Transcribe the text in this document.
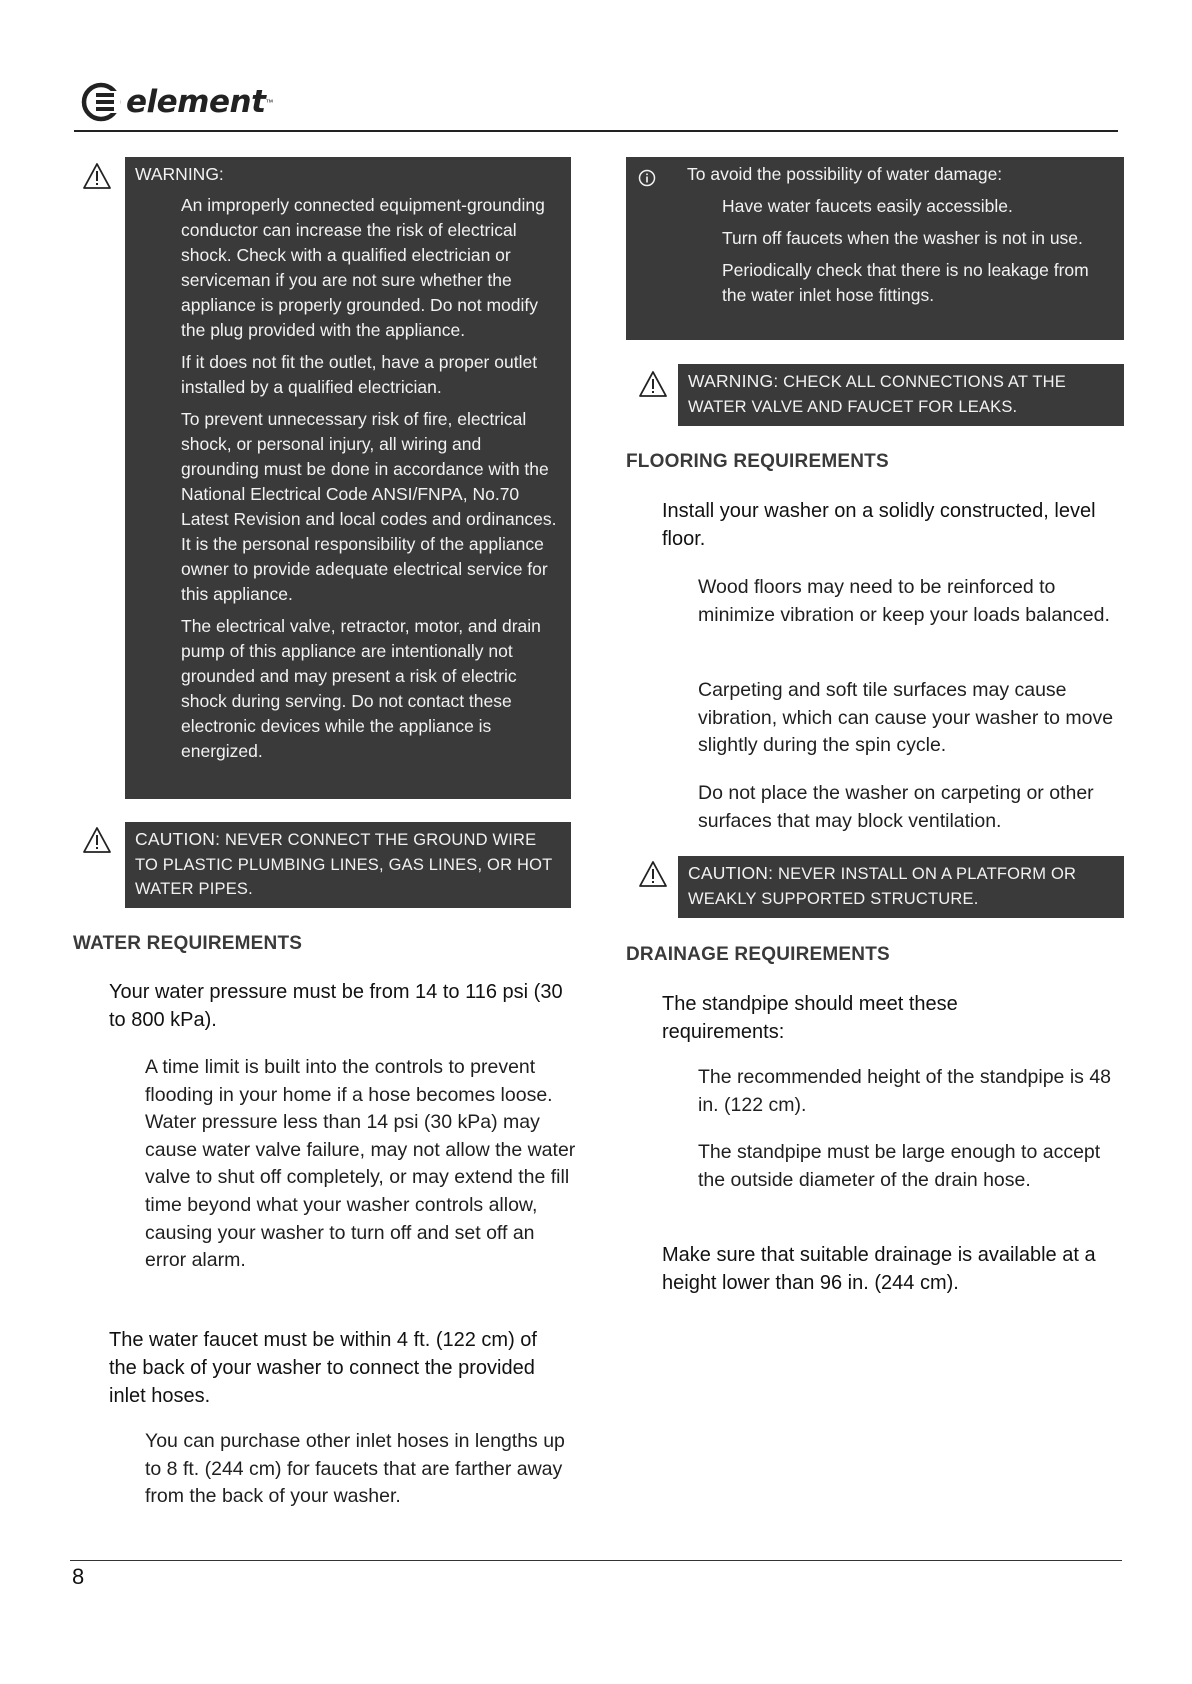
element ™

WARNING:

An improperly connected equipment-grounding conductor can increase the risk of electrical shock. Check with a qualified electrician or serviceman if you are not sure whether the appliance is properly grounded. Do not modify the plug provided with the appliance.

If it does not fit the outlet, have a proper outlet installed by a qualified electrician.

To prevent unnecessary risk of fire, electrical shock, or personal injury, all wiring and grounding must be done in accordance with the National Electrical Code ANSI/FNPA, No.70 Latest Revision and local codes and ordinances. It is the personal responsibility of the appliance owner to provide adequate electrical service for this appliance.

The electrical valve, retractor, motor, and drain pump of this appliance are intentionally not grounded and may present a risk of electric shock during serving. Do not contact these electronic devices while the appliance is energized.

CAUTION: NEVER CONNECT THE GROUND WIRE TO PLASTIC PLUMBING LINES, GAS LINES, OR HOT WATER PIPES.
WATER REQUIREMENTS
Your water pressure must be from 14 to 116 psi (30 to 800 kPa).
A time limit is built into the controls to prevent flooding in your home if a hose becomes loose. Water pressure less than 14 psi (30 kPa) may cause water valve failure, may not allow the water valve to shut off completely, or may extend the fill time beyond what your washer controls allow, causing your washer to turn off and set off an error alarm.
The water faucet must be within 4 ft. (122 cm) of the back of your washer to connect the provided inlet hoses.
You can purchase other inlet hoses in lengths up to 8 ft. (244 cm) for faucets that are farther away from the back of your washer.

To avoid the possibility of water damage:

Have water faucets easily accessible.

Turn off faucets when the washer is not in use.

Periodically check that there is no leakage from the water inlet hose fittings.

WARNING: CHECK ALL CONNECTIONS AT THE WATER VALVE AND FAUCET FOR LEAKS.
FLOORING REQUIREMENTS
Install your washer on a solidly constructed, level floor.
Wood floors may need to be reinforced to minimize vibration or keep your loads balanced.
Carpeting and soft tile surfaces may cause vibration, which can cause your washer to move slightly during the spin cycle.
Do not place the washer on carpeting or other surfaces that may block ventilation.
CAUTION: NEVER INSTALL ON A PLATFORM OR WEAKLY SUPPORTED STRUCTURE.
DRAINAGE REQUIREMENTS
The standpipe should meet these requirements:
The recommended height of the standpipe is 48 in. (122 cm).
The standpipe must be large enough to accept the outside diameter of the drain hose.
Make sure that suitable drainage is available at a height lower than 96 in. (244 cm).
8
